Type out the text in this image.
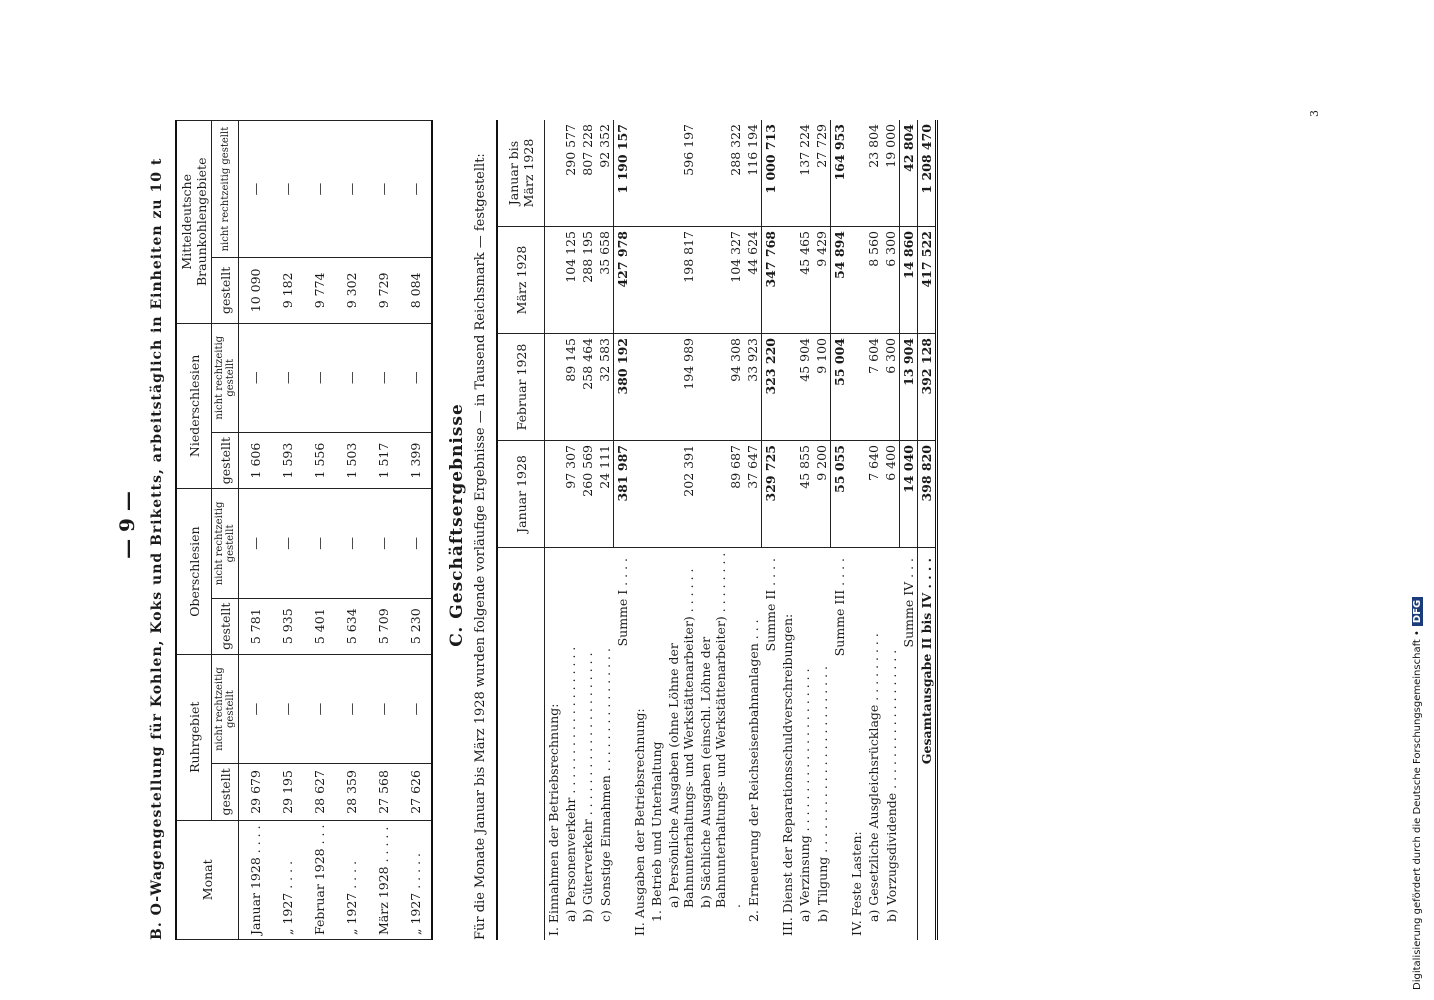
— 9 — B. O-Wagengestellung für Kohlen, Koks und Briketts, arbeitstäglich in Einheiten zu 10 t	Monat	Ruhrgebiet		Oberschlesien		Niederschlesien		Mitteldeutsche Braunkohlengebiete	
	gestellt	nicht rechtzeitig gestellt	gestellt	nicht rechtzeitig gestellt	gestellt	nicht rechtzeitig gestellt	gestellt	nicht rechtzeitig gestellt
Januar 1928 . . . .	29 679	—	5 781	—	1 606	—	10 090	—
„ 1927 . . . .	29 195	—	5 935	—	1 593	—	9 182	—
Februar 1928 . . .	28 627	—	5 401	—	1 556	—	9 774	—
„ 1927 . . . .	28 359	—	5 634	—	1 503	—	9 302	—
März 1928 . . . . .	27 568	—	5 709	—	1 517	—	9 729	—
„ 1927 . . . . .	27 626	—	5 230	—	1 399	—	8 084	—
C. Geschäftsergebnisse Für die Monate Januar bis März 1928 wurden folgende vorläufige Ergebnisse — in Tausend Reichsmark — festgestellt:
	Januar 1928	Februar 1928	März 1928	Januar bis März 1928
I. Einnahmen der Betriebsrechnung:				
a) Personenverkehr . . . . . . . . . . . . . . . . . . .	97 307	89 145	104 125	290 577
b) Güterverkehr . . . . . . . . . . . . . . . . . . . . .	260 569	258 464	288 195	807 228
c) Sonstige Einnahmen . . . . . . . . . . . . . . . .	24 111	32 583	35 658	92 352
Summe I . . . .	381 987	380 192	427 978	1 190 157
II. Ausgaben der Betriebsrechnung:				
1. Betrieb und Unterhaltung				
a) Persönliche Ausgaben (ohne Löhne der Bahnunterhaltungs- und Werkstättenarbeiter) . . . . . .	202 391	194 989	198 817	596 197
b) Sächliche Ausgaben (einschl. Löhne der Bahnunterhaltungs- und Werkstättenarbeiter) . . . . . . . . .	89 687	94 308	104 327	288 322
2. Erneuerung der Reichseisenbahnanlagen . . .	37 647	33 923	44 624	116 194
Summe II . . . .	329 725	323 220	347 768	1 000 713
III. Dienst der Reparationsschuldverschreibungen:				
a) Verzinsung . . . . . . . . . . . . . . . . . . . . .	45 855	45 904	45 465	137 224
b) Tilgung . . . . . . . . . . . . . . . . . . . . . . . .	9 200	9 100	9 429	27 729
Summe III . . . .	55 055	55 004	54 894	164 953
IV. Feste Lasten:				
a) Gesetzliche Ausgleichsrücklage . . . . . . . . .	7 640	7 604	8 560	23 804
b) Vorzugsdividende . . . . . . . . . . . . . . . . . .	6 400	6 300	6 300	19 000
Summe IV . . .	14 040	13 904	14 860	42 804
Gesamtausgabe II bis IV . . . .	398 820	392 128	417 522	1 208 470
3
Digitalisierung gefördert durch die Deutsche Forschungsgemeinschaft •DFG
